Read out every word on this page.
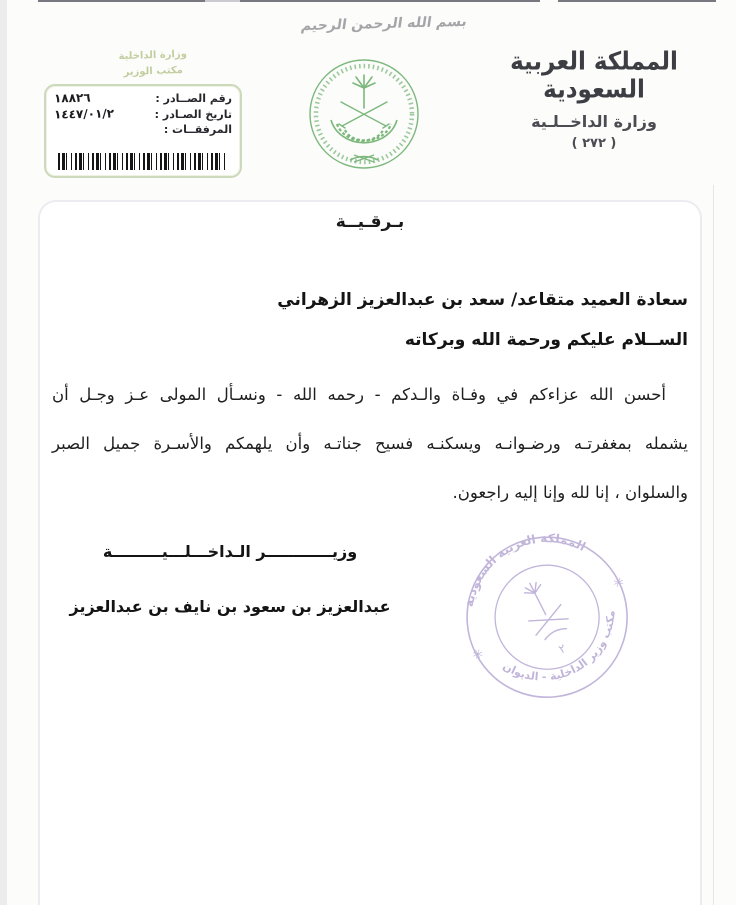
بسم الله الرحمن الرحيم
المملكة العربية السعودية
وزارة الداخــلـية
( ٢٧٢ )
وزارة الداخلية
مكتب الوزير
رقم الصــادر :
١٨٨٢٦
تاريخ الصـادر :
١٤٤٧/٠١/٢
المرفقــات :
بـرقـيــة
سعادة العميد متقاعد/ سعد بن عبدالعزيز الزهراني
الســلام عليكم ورحمة الله وبركاته
أحسن الله عزاءكم في وفـاة والـدكم - رحمه الله - ونسـأل المولى عـز وجـل أن
يشمله بمغفرتـه ورضـوانـه ويسكنـه فسيح جناتـه وأن يلهمكم والأسـرة جميل الصبر
والسلوان ، إنا لله وإنا إليه راجعون.
وزيــــــــــــر الـداخـــلـــيـــــــــة
عبدالعزيز بن سعود بن نايف بن عبدالعزيز	المملكة العربية السعودية
مكتب وزير الداخلية - الديوان
✳
✳
٢
